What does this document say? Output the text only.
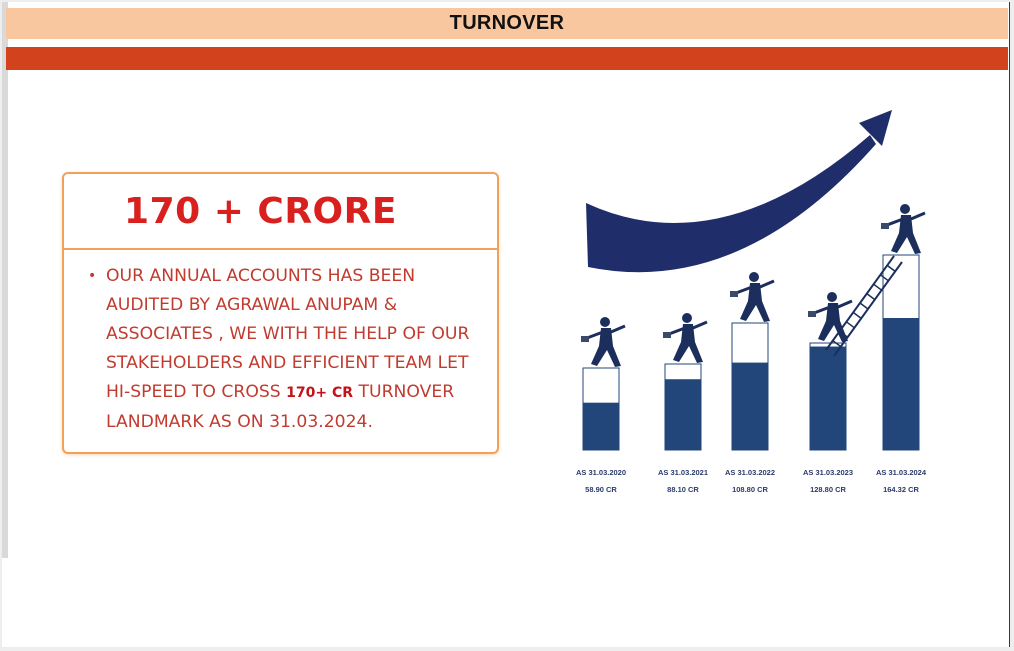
TURNOVER
170 + CRORE
• OUR ANNUAL ACCOUNTS HAS BEEN AUDITED BY AGRAWAL ANUPAM & ASSOCIATES , WE WITH THE HELP OF OUR STAKEHOLDERS AND EFFICIENT TEAM LET HI-SPEED TO CROSS 170+ CR TURNOVER LANDMARK AS ON 31.03.2024.
AS 31.03.2020
58.90 CR
AS 31.03.2021
88.10 CR
AS 31.03.2022
108.80 CR
AS 31.03.2023
128.80 CR
AS 31.03.2024
164.32 CR
